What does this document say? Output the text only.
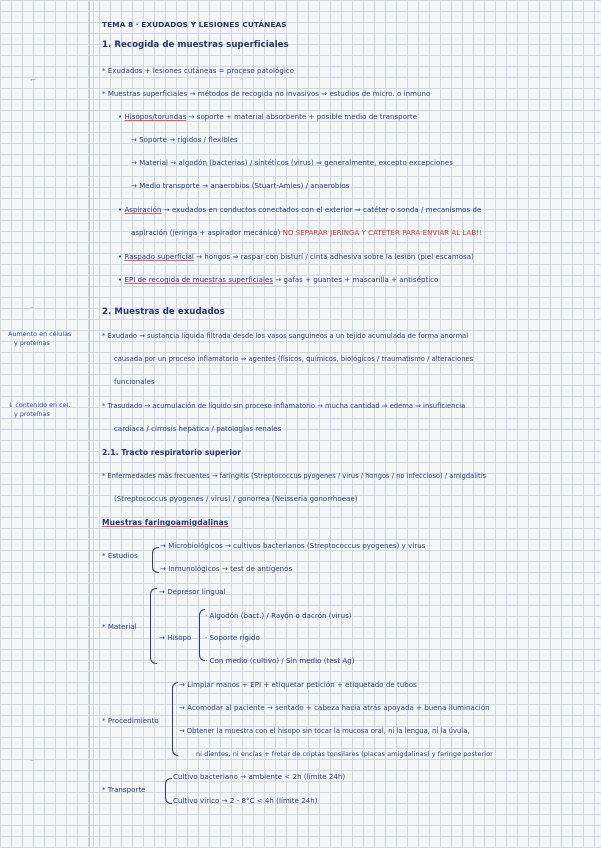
⌐
–
–
TEMA 8 · EXUDADOS Y LESIONES CUTÁNEAS
1. Recogida de muestras superficiales
* Exudados + lesiones cutáneas = proceso patológico
* Muestras superficiales → métodos de recogida no invasivos ⇒ estudios de micro. o inmuno
• Hisopos/torundas → soporte + material absorbente + posible medio de transporte
→ Soporte → rígidos / flexibles
→ Material → algodón (bacterias) / sintéticos (virus) ⇒ generalmente, excepto excepciones
→ Medio transporte → anaerobios (Stuart-Amies) / anaerobios
• Aspiración → exudados en conductos conectados con el exterior ⇒ catéter o sonda / mecanismos de
aspiración (jeringa + aspirador mecánico) NO SEPARAR JERINGA Y CATÉTER PARA ENVIAR AL LAB!!
• Raspado superficial → hongos ⇒ raspar con bisturí / cinta adhesiva sobre la lesión (piel escamosa)
• EPI de recogida de muestras superficiales → gafas + guantes + mascarilla + antiséptico
2. Muestras de exudados
Aumento en células
y proteínas
↓ contenido en cel.
y proteínas
* Exudado → sustancia líquida filtrada desde los vasos sanguíneos a un tejido acumulada de forma anormal
causada por un proceso inflamatorio ⇒ agentes (físicos, químicos, biológicos / traumatismo / alteraciones
funcionales
* Trasudado → acumulación de líquido sin proceso inflamatorio → mucha cantidad ⇒ edema ⇒ insuficiencia
cardíaca / cirrosis hepática / patologías renales
2.1. Tracto respiratorio superior
* Enfermedades más frecuentes → faringitis (Streptococcus pyogenes / virus / hongos / no infeccioso) / amigdalitis
(Streptococcus pyogenes / virus) / gonorrea (Neisseria gonorrhoeae)
Muestras faringoamigdalinas
* Estudios
→ Microbiológicos → cultivos bacterianos (Streptococcus pyogenes) y virus
→ Inmunológicos → test de antígenos
* Material
→ Depresor lingual
→ Hisopo
· Algodón (bact.) / Rayón o dacrón (virus)
· Soporte rígido
· Con medio (cultivo) / Sin medio (test Ag)
* Procedimiento
→ Limpiar manos + EPI + etiquetar petición + etiquetado de tubos
→ Acomodar al paciente → sentado + cabeza hacia atrás apoyada + buena iluminación
→ Obtener la muestra con el hisopo sin tocar la mucosa oral, ni la lengua, ni la úvula,
ni dientes, ni encías + frotar de criptas tonsilares (placas amigdalinas) y faringe posterior
* Transporte
Cultivo bacteriano → ambiente < 2h (límite 24h)
Cultivo vírico → 2 - 8°C < 4h (límite 24h)
